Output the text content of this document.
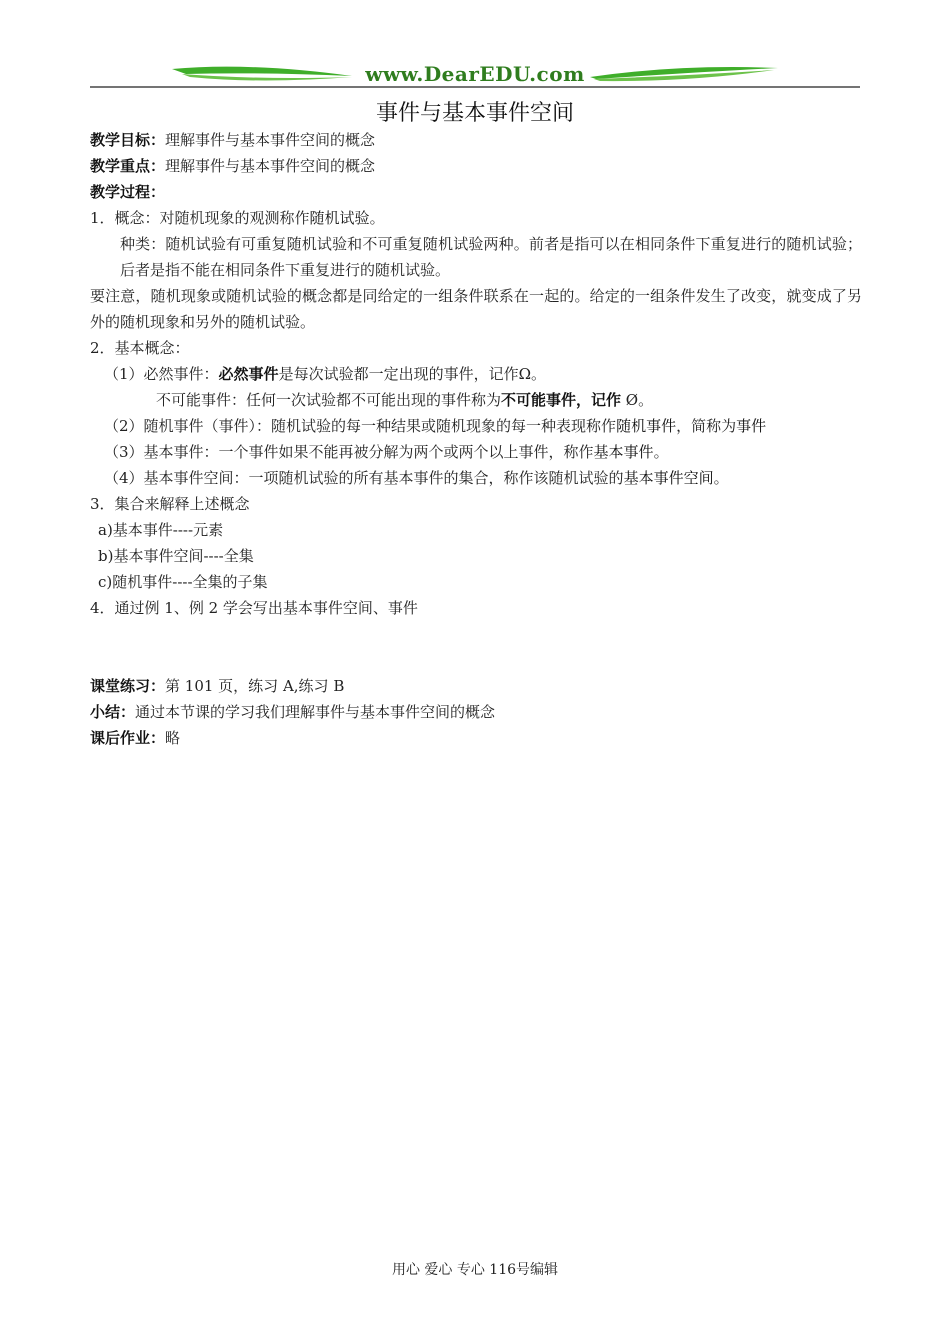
www.DearEDU.com
事件与基本事件空间
教学目标：理解事件与基本事件空间的概念
教学重点：理解事件与基本事件空间的概念
教学过程：
1．概念：对随机现象的观测称作随机试验。
种类：随机试验有可重复随机试验和不可重复随机试验两种。前者是指可以在相同条件下重复进行的随机试验；后者是指不能在相同条件下重复进行的随机试验。
要注意，随机现象或随机试验的概念都是同给定的一组条件联系在一起的。给定的一组条件发生了改变，就变成了另外的随机现象和另外的随机试验。
2．基本概念：
（1）必然事件：必然事件是每次试验都一定出现的事件，记作Ω。
不可能事件：任何一次试验都不可能出现的事件称为不可能事件，记作 Ø。
（2）随机事件（事件）：随机试验的每一种结果或随机现象的每一种表现称作随机事件，简称为事件
（3）基本事件：一个事件如果不能再被分解为两个或两个以上事件，称作基本事件。
（4）基本事件空间：一项随机试验的所有基本事件的集合，称作该随机试验的基本事件空间。
3．集合来解释上述概念
a)基本事件----元素
b)基本事件空间----全集
c)随机事件----全集的子集
4．通过例 1、例 2 学会写出基本事件空间、事件
课堂练习：第 101 页，练习 A,练习 B
小结：通过本节课的学习我们理解事件与基本事件空间的概念
课后作业：略
用心 爱心 专心 116号编辑
